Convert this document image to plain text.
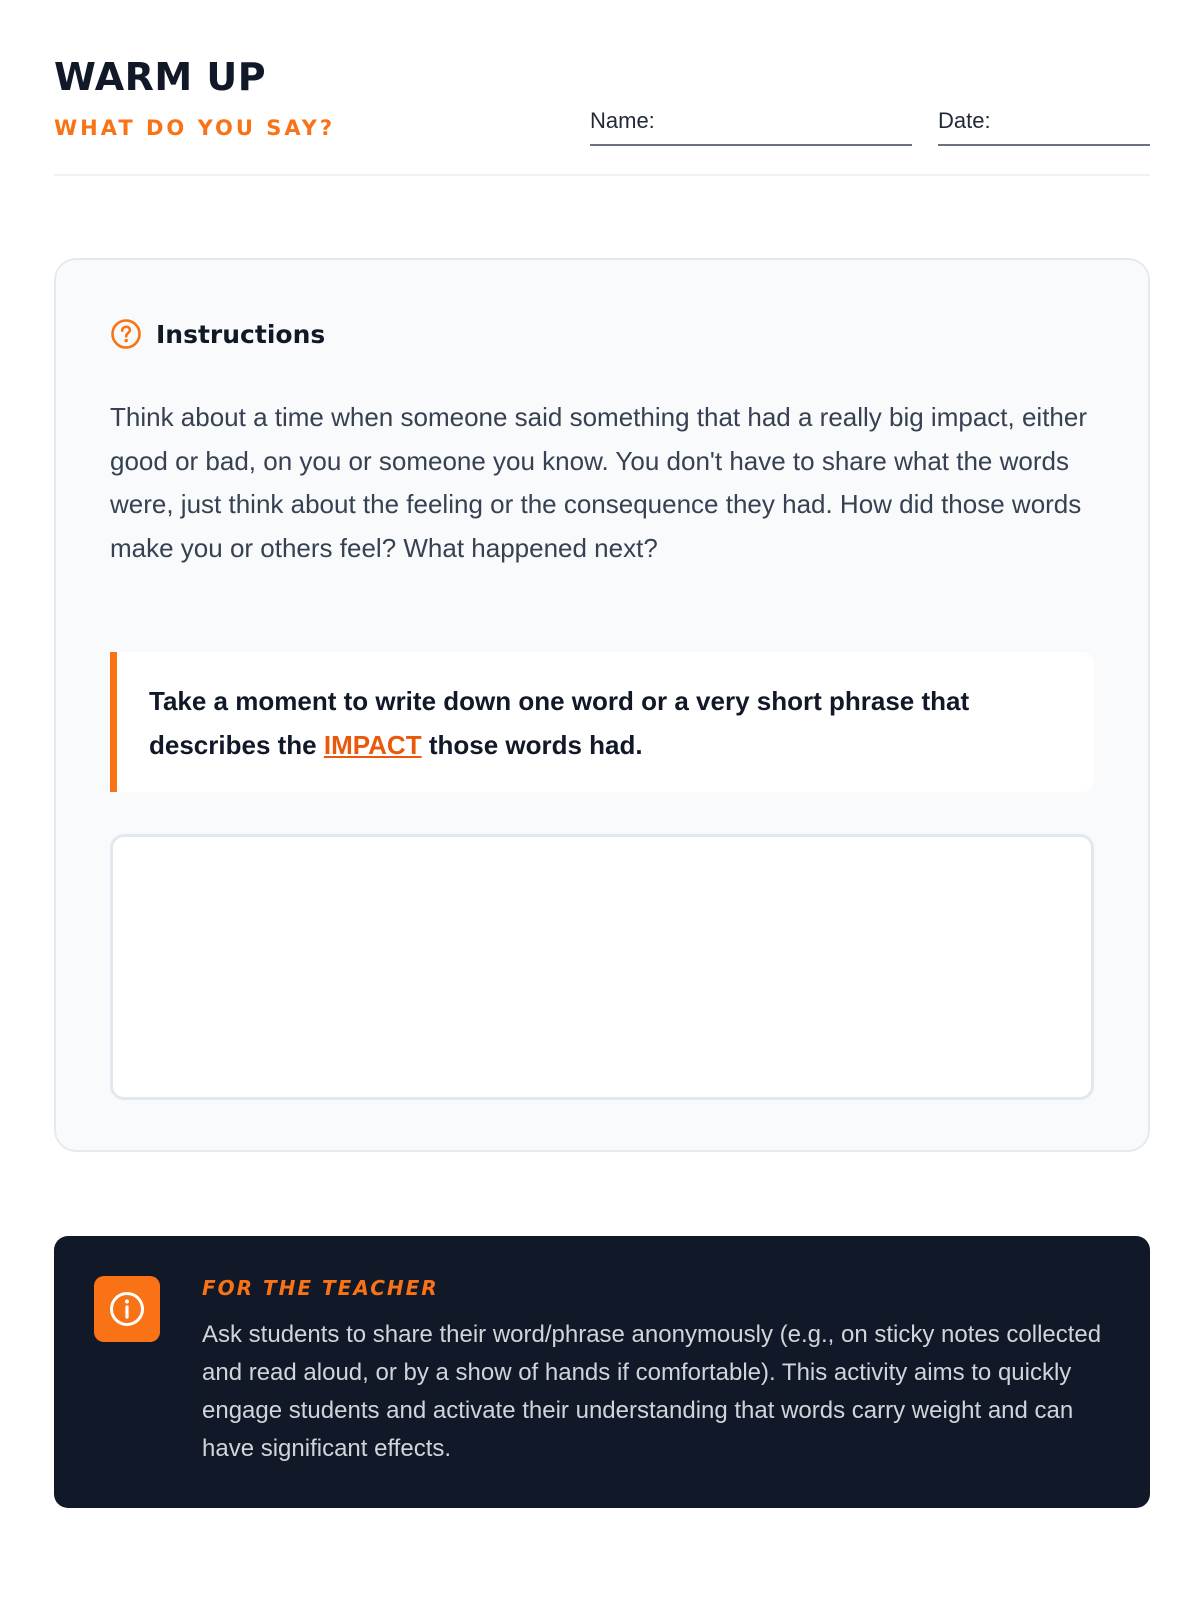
WARM UP
WHAT DO YOU SAY?	Name:	Date:
Instructions

Think about a time when someone said something that had a really big impact, either good or bad, on you or someone you know. You don't have to share what the words were, just think about the feeling or the consequence they had. How did those words make you or others feel? What happened next?

Take a moment to write down one word or a very short phrase that describes the IMPACT those words had.

FOR THE TEACHER

Ask students to share their word/phrase anonymously (e.g., on sticky notes collected and read aloud, or by a show of hands if comfortable). This activity aims to quickly engage students and activate their understanding that words carry weight and can have significant effects.
